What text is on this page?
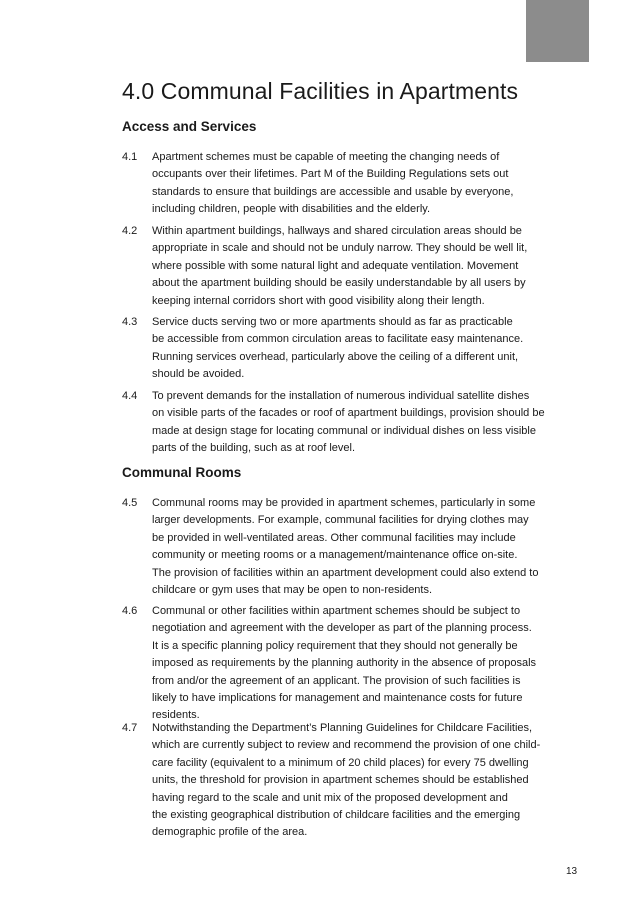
4.0 Communal Facilities in Apartments
Access and Services
4.1 Apartment schemes must be capable of meeting the changing needs of
occupants over their lifetimes. Part M of the Building Regulations sets out
standards to ensure that buildings are accessible and usable by everyone,
including children, people with disabilities and the elderly.
4.2 Within apartment buildings, hallways and shared circulation areas should be
appropriate in scale and should not be unduly narrow. They should be well lit,
where possible with some natural light and adequate ventilation. Movement
about the apartment building should be easily understandable by all users by
keeping internal corridors short with good visibility along their length.
4.3 Service ducts serving two or more apartments should as far as practicable
be accessible from common circulation areas to facilitate easy maintenance.
Running services overhead, particularly above the ceiling of a different unit,
should be avoided.
4.4 To prevent demands for the installation of numerous individual satellite dishes
on visible parts of the facades or roof of apartment buildings, provision should be
made at design stage for locating communal or individual dishes on less visible
parts of the building, such as at roof level.
Communal Rooms
4.5 Communal rooms may be provided in apartment schemes, particularly in some
larger developments. For example, communal facilities for drying clothes may
be provided in well-ventilated areas. Other communal facilities may include
community or meeting rooms or a management/maintenance office on-site.
The provision of facilities within an apartment development could also extend to
childcare or gym uses that may be open to non-residents.
4.6 Communal or other facilities within apartment schemes should be subject to
negotiation and agreement with the developer as part of the planning process.
It is a specific planning policy requirement that they should not generally be
imposed as requirements by the planning authority in the absence of proposals
from and/or the agreement of an applicant. The provision of such facilities is
likely to have implications for management and maintenance costs for future
residents.
4.7 Notwithstanding the Department’s Planning Guidelines for Childcare Facilities,
which are currently subject to review and recommend the provision of one child-
care facility (equivalent to a minimum of 20 child places) for every 75 dwelling
units, the threshold for provision in apartment schemes should be established
having regard to the scale and unit mix of the proposed development and
the existing geographical distribution of childcare facilities and the emerging
demographic profile of the area.
13
